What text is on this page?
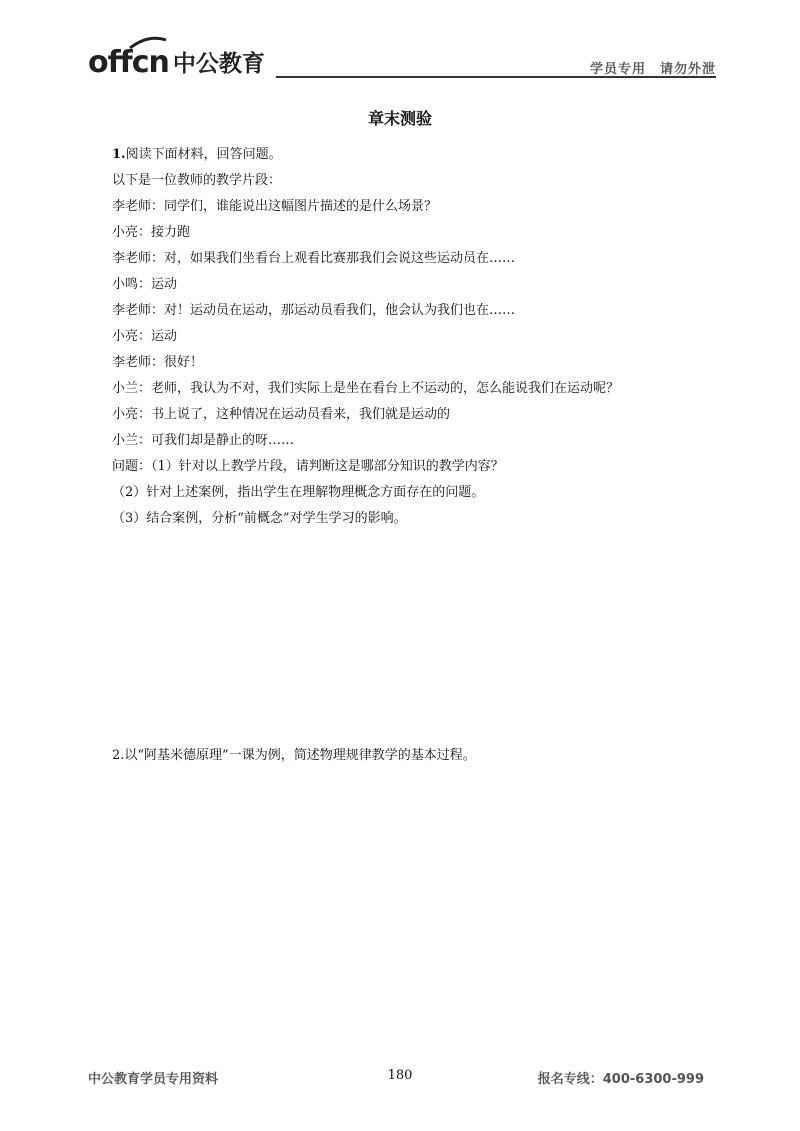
offcn 中公教育	学员专用 请勿外泄
章末测验
1.阅读下面材料，回答问题。
以下是一位教师的教学片段：
李老师：同学们，谁能说出这幅图片描述的是什么场景？
小亮：接力跑
李老师：对，如果我们坐看台上观看比赛那我们会说这些运动员在……
小鸣：运动
李老师：对！运动员在运动，那运动员看我们，他会认为我们也在……
小亮：运动
李老师：很好！
小兰：老师，我认为不对，我们实际上是坐在看台上不运动的，怎么能说我们在运动呢？
小亮：书上说了，这种情况在运动员看来，我们就是运动的
小兰：可我们却是静止的呀……
问题：（1）针对以上教学片段，请判断这是哪部分知识的教学内容？
（2）针对上述案例，指出学生在理解物理概念方面存在的问题。
（3）结合案例，分析“前概念”对学生学习的影响。
2.以“阿基米德原理”一课为例，简述物理规律教学的基本过程。
中公教育学员专用资料	180	报名专线：400-6300-999
